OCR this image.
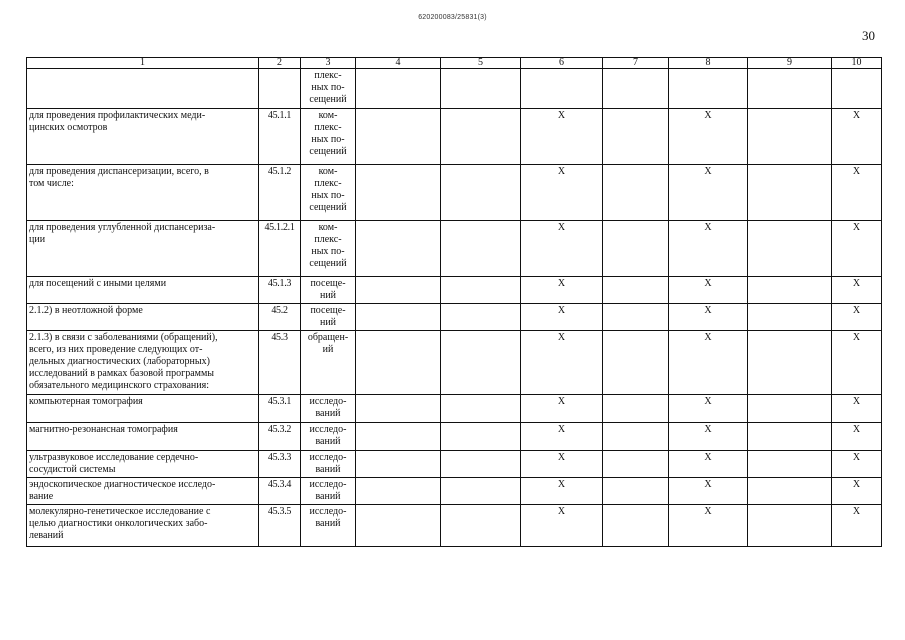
620200083/25831(3)
30
1	2	3	4	5	6	7	8	9	10
		плекс-
ных по-
сещений							
для проведения профилактических меди-
цинских осмотров	45.1.1	ком-
плекс-
ных по-
сещений			X		X		X
для проведения диспансеризации, всего, в
том числе:	45.1.2	ком-
плекс-
ных по-
сещений			X		X		X
для проведения углубленной диспансериза-
ции	45.1.2.1	ком-
плекс-
ных по-
сещений			X		X		X
для посещений с иными целями	45.1.3	посеще-
ний			X		X		X
2.1.2) в неотложной форме	45.2	посеще-
ний			X		X		X
2.1.3) в связи с заболеваниями (обращений),
всего, из них проведение следующих от-
дельных диагностических (лабораторных)
исследований в рамках базовой программы
обязательного медицинского страхования:	45.3	обращен-
ий			X		X		X
компьютерная томография	45.3.1	исследо-
ваний			X		X		X
магнитно-резонансная томография	45.3.2	исследо-
ваний			X		X		X
ультразвуковое исследование сердечно-
сосудистой системы	45.3.3	исследо-
ваний			X		X		X
эндоскопическое диагностическое исследо-
вание	45.3.4	исследо-
ваний			X		X		X
молекулярно-генетическое исследование с
целью диагностики онкологических забо-
леваний	45.3.5	исследо-
ваний			X		X		X
